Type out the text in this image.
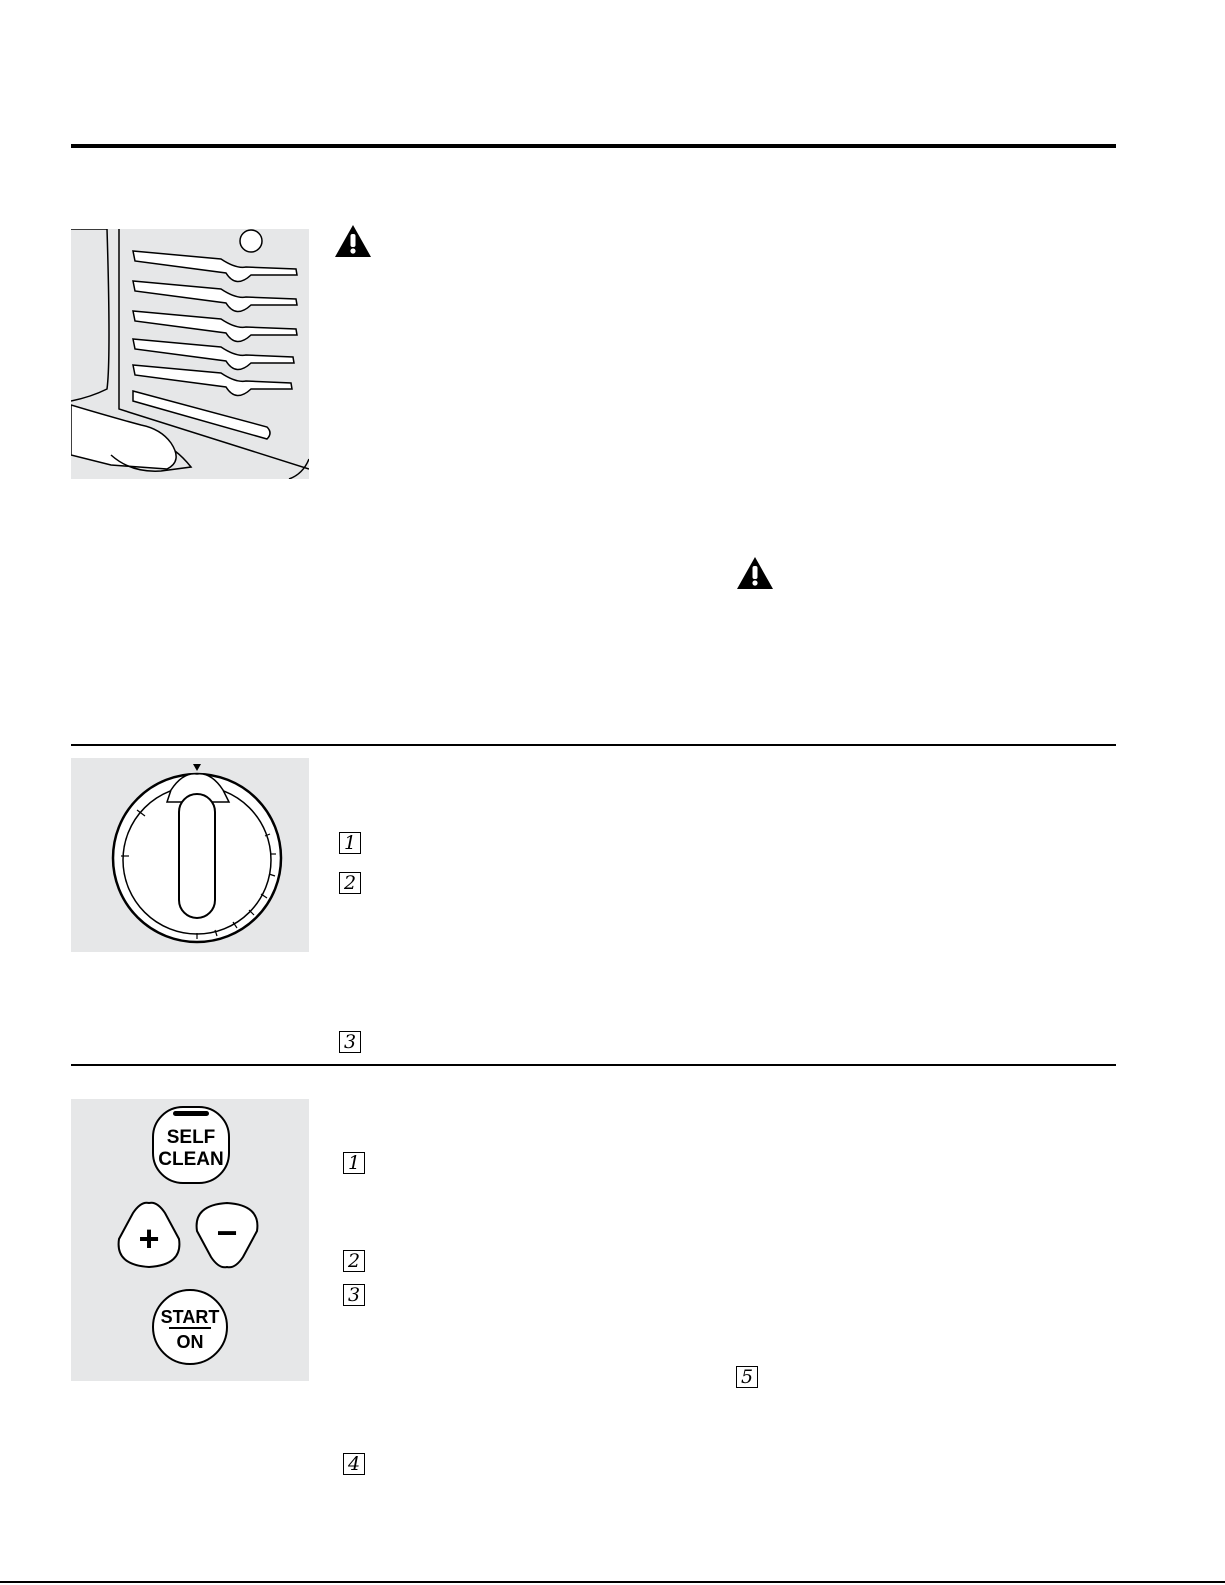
1
2
3
SELF
CLEAN
+ −
START
ON
1
2
3
4
5
